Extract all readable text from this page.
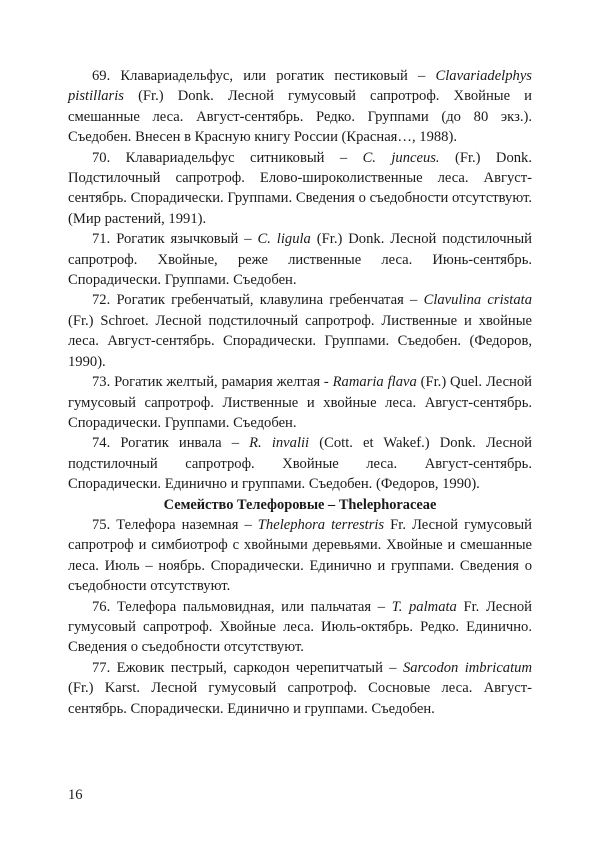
69. Клавариадельфус, или рогатик пестиковый – Clavariadelphys pistillaris (Fr.) Donk. Лесной гумусовый сапротроф. Хвойные и смешанные леса. Август-сентябрь. Редко. Группами (до 80 экз.). Съедобен. Внесен в Красную книгу России (Красная…, 1988).

70. Клавариадельфус ситниковый – C. junceus. (Fr.) Donk. Подстилочный сапротроф. Елово-широколиственные леса. Август-сентябрь. Спорадически. Группами. Сведения о съедобности отсутствуют. (Мир растений, 1991).

71. Рогатик язычковый – C. ligula (Fr.) Donk. Лесной подстилочный сапротроф. Хвойные, реже лиственные леса. Июнь-сентябрь. Спорадически. Группами. Съедобен.

72. Рогатик гребенчатый, клавулина гребенчатая – Clavulina cristata (Fr.) Schroet. Лесной подстилочный сапротроф. Лиственные и хвойные леса. Август-сентябрь. Спорадически. Группами. Съедобен. (Федоров, 1990).

73. Рогатик желтый, рамария желтая - Ramaria flava (Fr.) Quel. Лесной гумусовый сапротроф. Лиственные и хвойные леса. Август-сентябрь. Спорадически. Группами. Съедобен.

74. Рогатик инвала – R. invalii (Cott. et Wakef.) Donk. Лесной подстилочный сапротроф. Хвойные леса. Август-сентябрь. Спорадически. Единично и группами. Съедобен. (Федоров, 1990).

Семейство Телефоровые – Thelephoraceae

75. Телефора наземная – Thelephora terrestris Fr. Лесной гумусовый сапротроф и симбиотроф с хвойными деревьями. Хвойные и смешанные леса. Июль – ноябрь. Спорадически. Единично и группами. Сведения о съедобности отсутствуют.

76. Телефора пальмовидная, или пальчатая – T. palmata Fr. Лесной гумусовый сапротроф. Хвойные леса. Июль-октябрь. Редко. Единично. Сведения о съедобности отсутствуют.

77. Ежовик пестрый, саркодон черепитчатый – Sarcodon imbricatum (Fr.) Karst. Лесной гумусовый сапротроф. Сосновые леса. Август-сентябрь. Спорадически. Единично и группами. Съедобен.

16
